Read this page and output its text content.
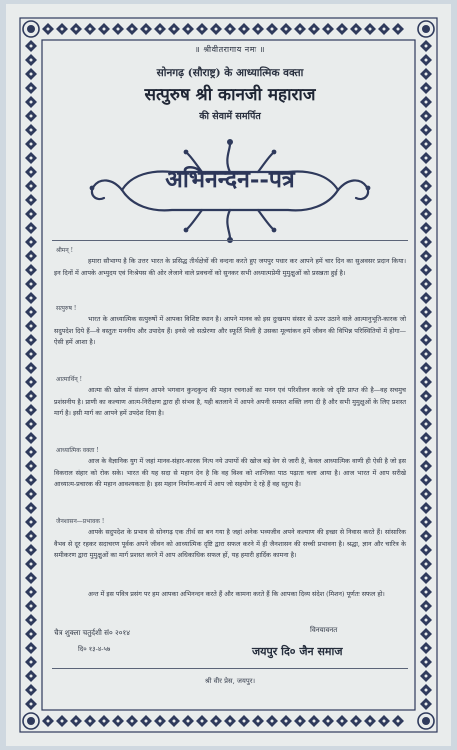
॥ श्रीवीतरागाय नमः ॥
सोनगढ़ (सौराष्ट्र) के आध्यात्मिक वक्ता
सत्पुरुष श्री कानजी महाराज
की सेवामें समर्पित
अभिनन्दन--पत्र
श्रीमन् !
हमारा सौभाग्य है कि उत्तर भारत के प्रसिद्ध तीर्थक्षेत्रों की वन्दना करते हुए जयपुर पधार कर आपने हमें चार दिन का सुअवसर प्रदान किया। इन दिनों में आपके अभ्युदय एवं निःश्रेयस की ओर लेजाने वाले प्रवचनों को सुनकर सभी अध्यात्मप्रेमी मुमुक्षुओं को प्रसन्नता हुई है।
सत्पुरुष !
भारत के आध्यात्मिक सत्पुरुषों में आपका विशिष्ट स्थान है। आपने मानव को इस दुःखमय संसार से ऊपर उठाने वाले आत्मानुभूति-कारक जो सदुपदेश दिये हैं—वे वस्तुतः मननीय और उपादेय हैं। इनसे जो सत्प्रेरणा और स्फूर्ति मिली है उसका मूल्यांकन हमें जीवन की विभिन्न परिस्थितियों में होगा—ऐसी हमें आशा है।
आत्मार्थिन् !
आत्मा की खोज में संलग्न आपने भगवान कुन्दकुन्द की महान रचनाओं का मनन एवं परिशीलन करके जो दृष्टि प्राप्त की है—वह सचमुच प्रशंसनीय है। प्राणी का कल्याण आत्म-निरीक्षण द्वारा ही संभव है, यही बतलाने में आपने अपनी समस्त शक्ति लगा दी है और सभी मुमुक्षुओं के लिए प्रशस्त मार्ग है। इसी मार्ग का आपने हमें उपदेश दिया है।
आध्यात्मिक वक्ता !
आज के वैज्ञानिक युग में जहां मानव-संहार-कारक नित्य नये उपायों की खोज बड़े वेग से जारी है, केवल आध्यात्मिक वाणी ही ऐसी है जो इस विकराल संहार को रोक सके। भारत की यह सदा से महान देन है कि वह विश्व को शान्तिका पाठ पढ़ाता चला आया है। आज भारत में आप सरीखे आध्यात्म-प्रचारक की महान आवश्यकता है। इस महान निर्माण-कार्य में आप जो सहयोग दे रहे हैं वह स्तुत्य है।
जैनशासन—प्रभावक !
आपके सदुपदेश के प्रभाव से सोनगढ़ एक तीर्थ सा बन गया है जहां अनेक भव्यजीव अपने कल्याण की इच्छा से निवास करते हैं। सांसारिक वैभव से दूर रहकर सदाचरण पूर्वक अपने जीवन को आध्यात्मिक दृष्टि द्वारा सफल करने में ही जैनशासन की सच्ची प्रभावना है। श्रद्धा, ज्ञान और चारित्र के समीकरण द्वारा मुमुक्षुओं का मार्ग प्रशस्त करने में आप अधिकाधिक सफल हों, यह हमारी हार्दिक कामना है।
अन्त में इस पवित्र प्रसंग पर हम आपका अभिनन्दन करते हैं और कामना करते हैं कि आपका दिव्य संदेश (मिशन) पूर्णतः सफल हो।
चैत्र शुक्ला चतुर्दशी सं० २०१४
दि० १३-४-५७
विनयावनत
जयपुर दि० जैन समाज
श्री वीर प्रेस, जयपुर।
